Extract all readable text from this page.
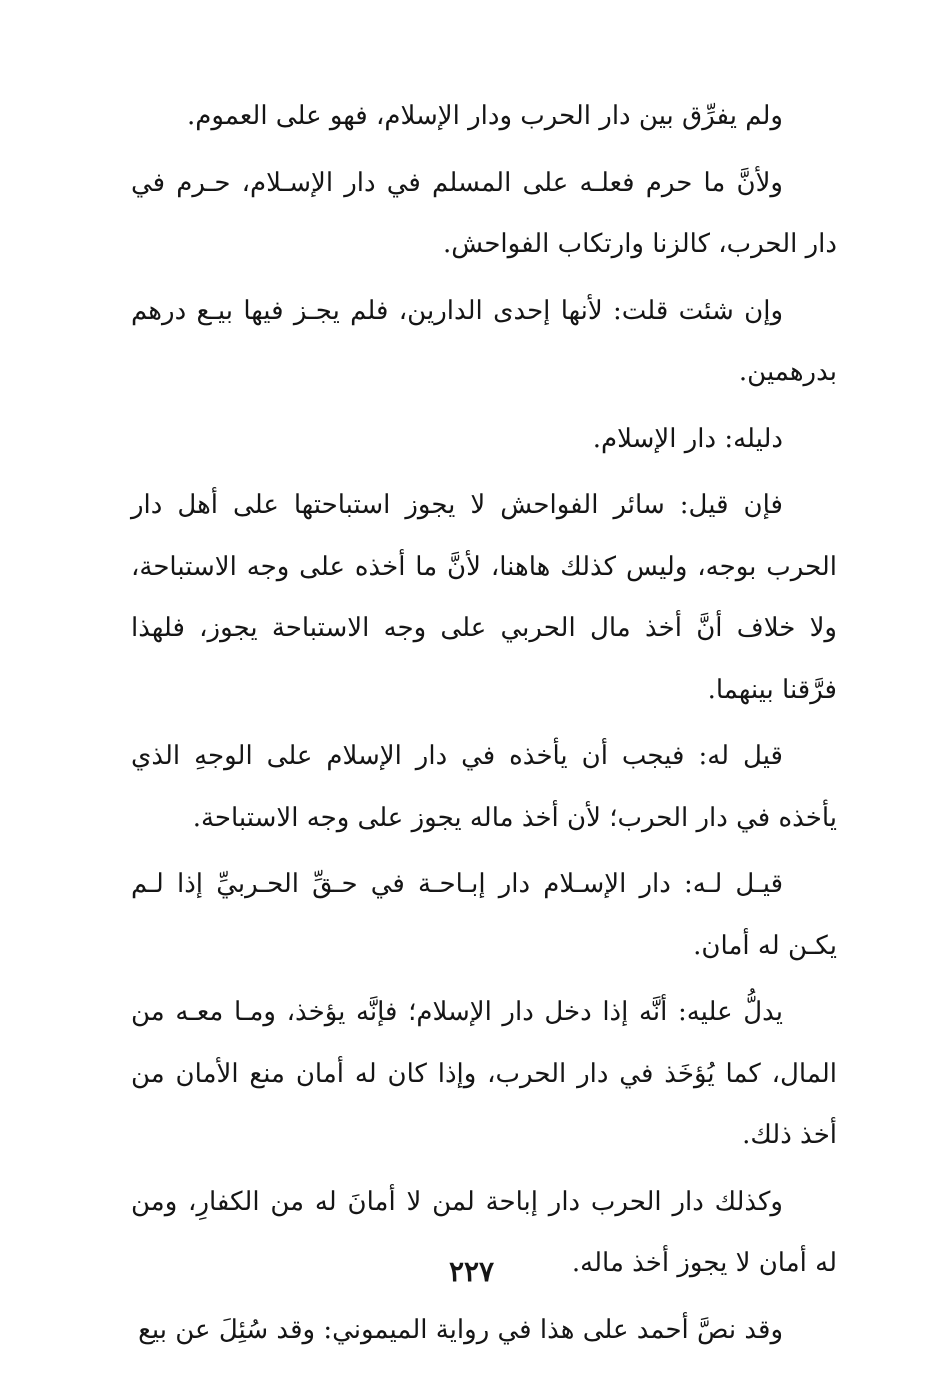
ولم يفرِّق بين دار الحرب ودار الإسلام، فهو على العموم.

ولأنَّ ما حرم فعلـه على المسلم في دار الإسـلام، حـرم في دار الحرب، كالزنا وارتكاب الفواحش.

وإن شئت قلت: لأنها إحدى الدارين، فلم يجـز فيها بيـع درهم بدرهمين.

دليله: دار الإسلام.

فإن قيل: سائر الفواحش لا يجوز استباحتها على أهل دار الحرب بوجه، وليس كذلك هاهنا، لأنَّ ما أخذه على وجه الاستباحة، ولا خلاف أنَّ أخذ مال الحربي على وجه الاستباحة يجوز، فلهذا فرَّقنا بينهما.

قيل له: فيجب أن يأخذه في دار الإسلام على الوجهِ الذي يأخذه في دار الحرب؛ لأن أخذ ماله يجوز على وجه الاستباحة.

قيـل لـه: دار الإسـلام دار إبـاحـة في حـقِّ الحـربيِّ إذا لـم يكـن له أمان.

يدلُّ عليه: أنَّه إذا دخل دار الإسلام؛ فإنَّه يؤخذ، ومـا معـه من المال، كما يُؤخَذ في دار الحرب، وإذا كان له أمان منع الأمان من أخذ ذلك.

وكذلك دار الحرب دار إباحة لمن لا أمانَ له من الكفارِ، ومن له أمان لا يجوز أخذ ماله.

وقد نصَّ أحمد على هذا في رواية الميموني: وقد سُئِلَ عن بيع

٢٢٧
